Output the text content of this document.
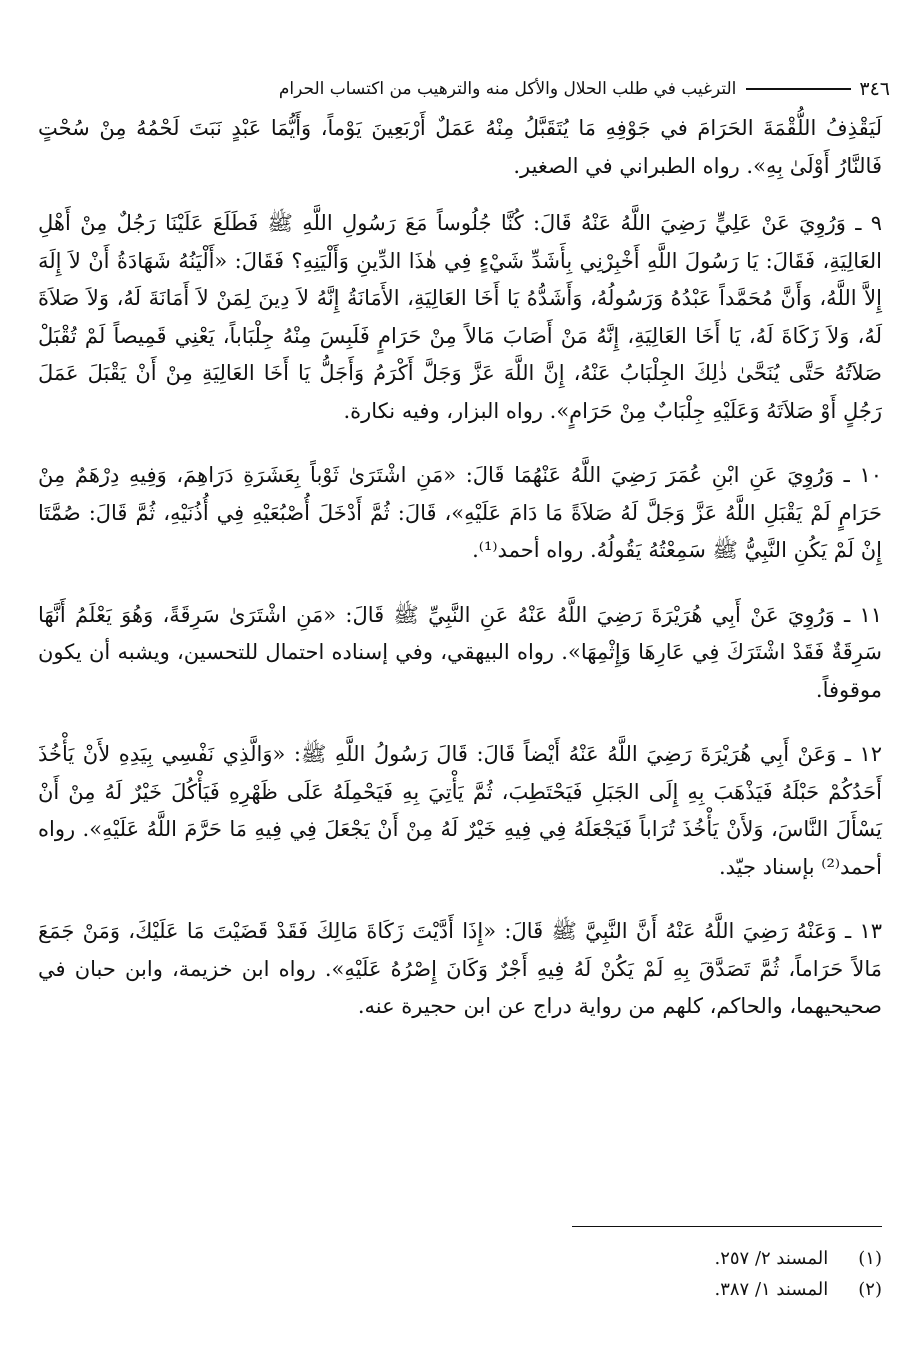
٣٤٦
الترغيب في طلب الحلال والأكل منه والترهيب من اكتساب الحرام

لَيَقْذِفُ اللُّقْمَةَ الحَرَامَ في جَوْفِهِ مَا يُتَقَبَّلُ مِنْهُ عَمَلٌ أَرْبَعِينَ يَوْماً، وَأَيُّمَا عَبْدٍ نَبَتَ لَحْمُهُ مِنْ سُحْتٍ فَالنَّارُ أَوْلَىٰ بِهِ». رواه الطبراني في الصغير.

٩ ـ وَرُوِيَ عَنْ عَلِيٍّ رَضِيَ اللَّهُ عَنْهُ قَالَ: كُنَّا جُلُوساً مَعَ رَسُولِ اللَّهِ ﷺ فَطَلَعَ عَلَيْنَا رَجُلٌ مِنْ أَهْلِ العَالِيَةِ، فَقَالَ: يَا رَسُولَ اللَّهِ أَخْبِرْنِي بِأَشَدِّ شَيْءٍ فِي هٰذَا الدِّينِ وَأَلْيَنِهِ؟ فَقَالَ: «أَلْيَنُهُ شَهَادَةُ أَنْ لاَ إِلَهَ إِلاَّ اللَّهُ، وَأَنَّ مُحَمَّداً عَبْدُهُ وَرَسُولُهُ، وَأَشَدُّهُ يَا أَخَا العَالِيَةِ، الأَمَانَةُ إِنَّهُ لاَ دِينَ لِمَنْ لاَ أَمَانَةَ لَهُ، وَلاَ صَلاَةَ لَهُ، وَلاَ زَكَاةَ لَهُ، يَا أَخَا العَالِيَةِ، إِنَّهُ مَنْ أَصَابَ مَالاً مِنْ حَرَامٍ فَلَبِسَ مِنْهُ جِلْبَاباً، يَعْنِي قَمِيصاً لَمْ تُقْبَلْ صَلاَتُهُ حَتَّى يُنَحَّىٰ ذٰلِكَ الجِلْبَابُ عَنْهُ، إِنَّ اللَّهَ عَزَّ وَجَلَّ أَكْرَمُ وَأَجَلُّ يَا أَخَا العَالِيَةِ مِنْ أَنْ يَقْبَلَ عَمَلَ رَجُلٍ أَوْ صَلاَتَهُ وَعَلَيْهِ جِلْبَابٌ مِنْ حَرَامٍ». رواه البزار، وفيه نكارة.

١٠ ـ وَرُوِيَ عَنِ ابْنِ عُمَرَ رَضِيَ اللَّهُ عَنْهُمَا قَالَ: «مَنِ اشْتَرَىٰ ثَوْباً بِعَشَرَةِ دَرَاهِمَ، وَفِيهِ دِرْهَمٌ مِنْ حَرَامٍ لَمْ يَقْبَلِ اللَّهُ عَزَّ وَجَلَّ لَهُ صَلاَةً مَا دَامَ عَلَيْهِ»، قَالَ: ثُمَّ أَدْخَلَ أُصْبُعَيْهِ فِي أُذُنَيْهِ، ثُمَّ قَالَ: صُمَّتَا إِنْ لَمْ يَكُنِ النَّبِيُّ ﷺ سَمِعْتُهُ يَقُولُهُ. رواه أحمد⁽¹⁾.

١١ ـ وَرُوِيَ عَنْ أَبِي هُرَيْرَةَ رَضِيَ اللَّهُ عَنْهُ عَنِ النَّبِيِّ ﷺ قَالَ: «مَنِ اشْتَرَىٰ سَرِقَةً، وَهُوَ يَعْلَمُ أَنَّهَا سَرِقَةٌ فَقَدْ اشْتَرَكَ فِي عَارِهَا وَإِثْمِهَا». رواه البيهقي، وفي إسناده احتمال للتحسين، ويشبه أن يكون موقوفاً.

١٢ ـ وَعَنْ أَبِي هُرَيْرَةَ رَضِيَ اللَّهُ عَنْهُ أَيْضاً قَالَ: قَالَ رَسُولُ اللَّهِ ﷺ: «وَالَّذِي نَفْسِي بِيَدِهِ لأَنْ يَأْخُذَ أَحَدُكُمْ حَبْلَهُ فَيَذْهَبَ بِهِ إِلَى الجَبَلِ فَيَحْتَطِبَ، ثُمَّ يَأْتِيَ بِهِ فَيَحْمِلَهُ عَلَى ظَهْرِهِ فَيَأْكُلَ خَيْرٌ لَهُ مِنْ أَنْ يَسْأَلَ النَّاسَ، وَلأَنْ يَأْخُذَ تُرَاباً فَيَجْعَلَهُ فِي فِيهِ خَيْرٌ لَهُ مِنْ أَنْ يَجْعَلَ فِي فِيهِ مَا حَرَّمَ اللَّهُ عَلَيْهِ». رواه أحمد⁽²⁾ بإسناد جيّد.

١٣ ـ وَعَنْهُ رَضِيَ اللَّهُ عَنْهُ أَنَّ النَّبِيَّ ﷺ قَالَ: «إِذَا أَدَّيْتَ زَكَاةَ مَالِكَ فَقَدْ قَضَيْتَ مَا عَلَيْكَ، وَمَنْ جَمَعَ مَالاً حَرَاماً، ثُمَّ تَصَدَّقَ بِهِ لَمْ يَكُنْ لَهُ فِيهِ أَجْرٌ وَكَانَ إِصْرُهُ عَلَيْهِ». رواه ابن خزيمة، وابن حبان في صحيحيهما، والحاكم، كلهم من رواية دراج عن ابن حجيرة عنه.

(١) المسند ٢/ ٢٥٧.
(٢) المسند ١/ ٣٨٧.
